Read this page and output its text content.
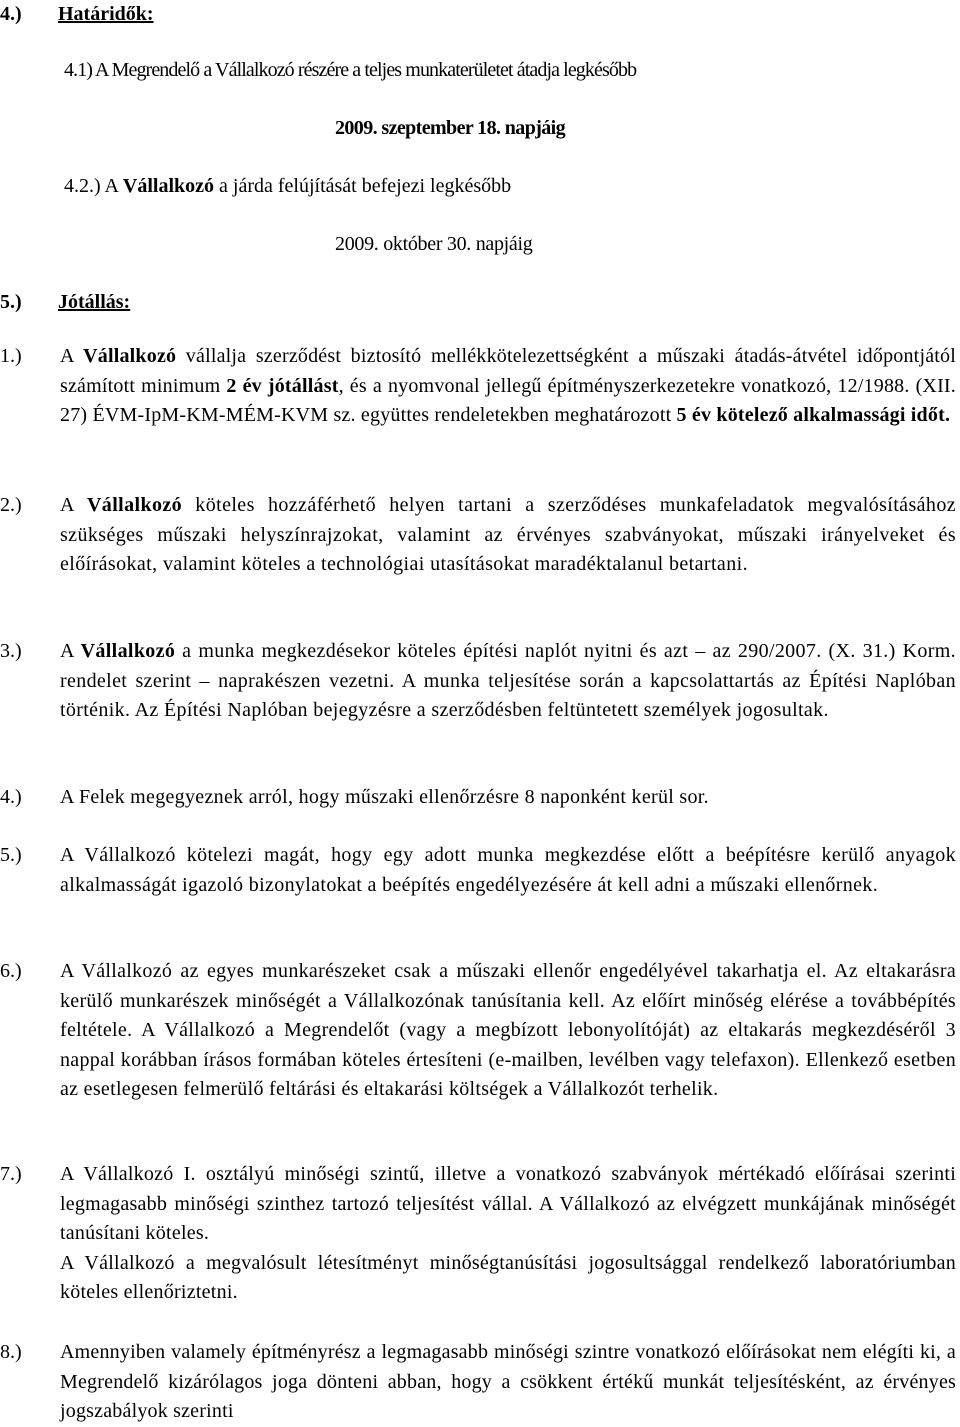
4.) Határidők:
4.1) A Megrendelő a Vállalkozó részére a teljes munkaterületet átadja legkésőbb
2009. szeptember 18. napjáig
4.2.) A Vállalkozó a járda felújítását befejezi legkésőbb
2009. október 30. napjáig
5.) Jótállás:
1.)	A Vállalkozó vállalja szerződést biztosító mellékkötelezettségként a műszaki átadás-átvétel időpontjától számított minimum 2 év jótállást, és a nyomvonal jellegű építményszerkezetekre vonatkozó, 12/1988. (XII. 27) ÉVM-IpM-KM-MÉM-KVM sz. együttes rendeletekben meghatározott 5 év kötelező alkalmassági időt.
2.)	A Vállalkozó köteles hozzáférhető helyen tartani a szerződéses munkafeladatok megvalósításához szükséges műszaki helyszínrajzokat, valamint az érvényes szabványokat, műszaki irányelveket és előírásokat, valamint köteles a technológiai utasításokat maradéktalanul betartani.
3.)	A Vállalkozó a munka megkezdésekor köteles építési naplót nyitni és azt – az 290/2007. (X. 31.) Korm. rendelet szerint – naprakészen vezetni. A munka teljesítése során a kapcsolattartás az Építési Naplóban történik. Az Építési Naplóban bejegyzésre a szerződésben feltüntetett személyek jogosultak.
4.)	A Felek megegyeznek arról, hogy műszaki ellenőrzésre 8 naponként kerül sor.
5.)	A Vállalkozó kötelezi magát, hogy egy adott munka megkezdése előtt a beépítésre kerülő anyagok alkalmasságát igazoló bizonylatokat a beépítés engedélyezésére át kell adni a műszaki ellenőrnek.
6.)	A Vállalkozó az egyes munkarészeket csak a műszaki ellenőr engedélyével takarhatja el. Az eltakarásra kerülő munkarészek minőségét a Vállalkozónak tanúsítania kell. Az előírt minőség elérése a továbbépítés feltétele. A Vállalkozó a Megrendelőt (vagy a megbízott lebonyolítóját) az eltakarás megkezdéséről 3 nappal korábban írásos formában köteles értesíteni (e-mailben, levélben vagy telefaxon). Ellenkező esetben az esetlegesen felmerülő feltárási és eltakarási költségek a Vállalkozót terhelik.
7.)	A Vállalkozó I. osztályú minőségi szintű, illetve a vonatkozó szabványok mértékadó előírásai szerinti legmagasabb minőségi szinthez tartozó teljesítést vállal. A Vállalkozó az elvégzett munkájának minőségét tanúsítani köteles.
A Vállalkozó a megvalósult létesítményt minőségtanúsítási jogosultsággal rendelkező laboratóriumban köteles ellenőriztetni.
8.)	Amennyiben valamely építményrész a legmagasabb minőségi szintre vonatkozó előírásokat nem elégíti ki, a Megrendelő kizárólagos joga dönteni abban, hogy a csökkent értékű munkát teljesítésként, az érvényes jogszabályok szerinti
